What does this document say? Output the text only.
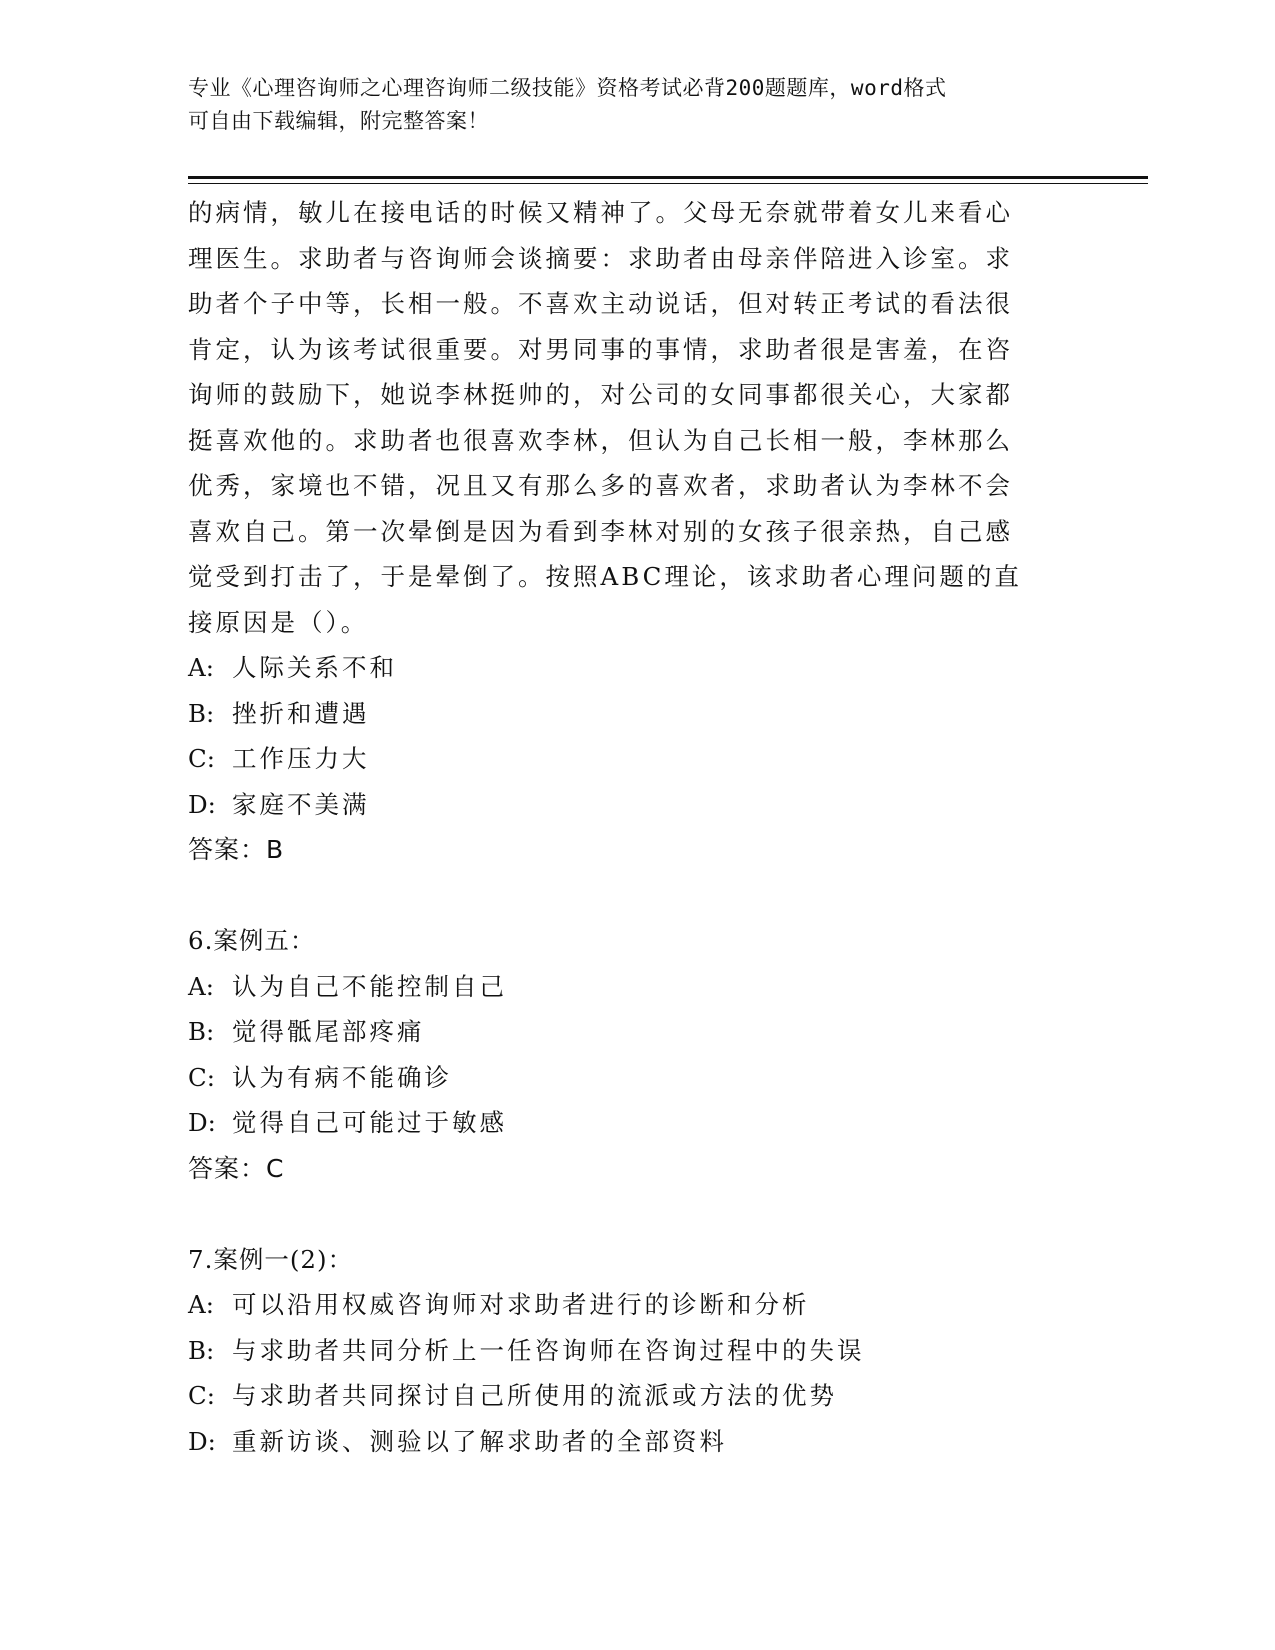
专业《心理咨询师之心理咨询师二级技能》资格考试必背200题题库，word格式
可自由下载编辑，附完整答案！
的病情，敏儿在接电话的时候又精神了。父母无奈就带着女儿来看心
理医生。求助者与咨询师会谈摘要：求助者由母亲伴陪进入诊室。求
助者个子中等，长相一般。不喜欢主动说话，但对转正考试的看法很
肯定，认为该考试很重要。对男同事的事情，求助者很是害羞，在咨
询师的鼓励下，她说李林挺帅的，对公司的女同事都很关心，大家都
挺喜欢他的。求助者也很喜欢李林，但认为自己长相一般，李林那么
优秀，家境也不错，况且又有那么多的喜欢者，求助者认为李林不会
喜欢自己。第一次晕倒是因为看到李林对别的女孩子很亲热，自己感
觉受到打击了，于是晕倒了。按照ABC理论，该求助者心理问题的直
接原因是（）。
A: 人际关系不和
B: 挫折和遭遇
C: 工作压力大
D: 家庭不美满
答案：B
6.案例五：
A: 认为自己不能控制自己
B: 觉得骶尾部疼痛
C: 认为有病不能确诊
D: 觉得自己可能过于敏感
答案：C
7.案例一(2)：
A: 可以沿用权威咨询师对求助者进行的诊断和分析
B: 与求助者共同分析上一任咨询师在咨询过程中的失误
C: 与求助者共同探讨自己所使用的流派或方法的优势
D: 重新访谈、测验以了解求助者的全部资料
